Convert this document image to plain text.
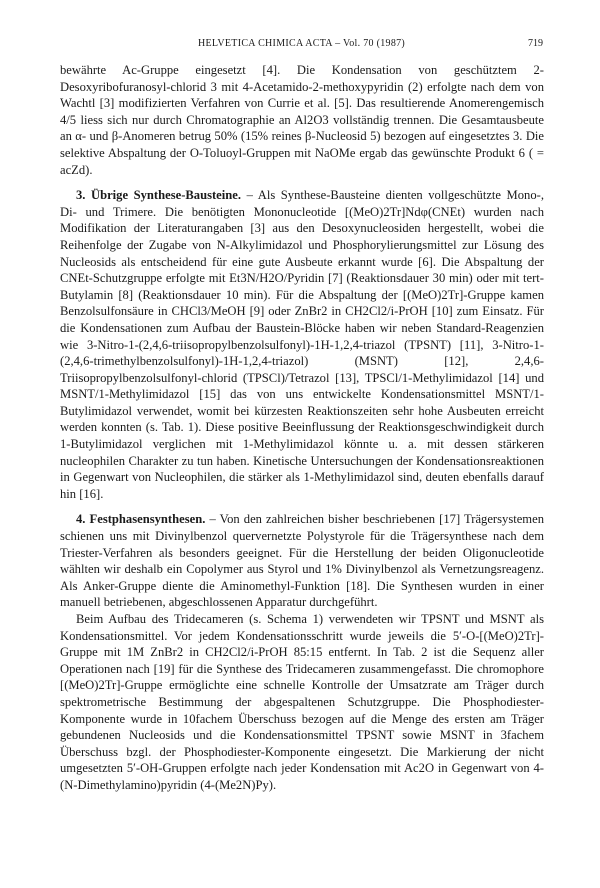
HELVETICA CHIMICA ACTA – Vol. 70 (1987)	719

bewährte Ac-Gruppe eingesetzt [4]. Die Kondensation von geschütztem 2-Desoxyribofuranosyl-chlorid 3 mit 4-Acetamido-2-methoxypyridin (2) erfolgte nach dem von Wachtl [3] modifizierten Verfahren von Currie et al. [5]. Das resultierende Anomerengemisch 4/5 liess sich nur durch Chromatographie an Al2O3 vollständig trennen. Die Gesamtausbeute an α- und β-Anomeren betrug 50% (15% reines β-Nucleosid 5) bezogen auf eingesetztes 3. Die selektive Abspaltung der O-Toluoyl-Gruppen mit NaOMe ergab das gewünschte Produkt 6 ( = acZd).

3. Übrige Synthese-Bausteine. – Als Synthese-Bausteine dienten vollgeschützte Mono-, Di- und Trimere. Die benötigten Mononucleotide [(MeO)2Tr]Ndφ(CNEt) wurden nach Modifikation der Literaturangaben [3] aus den Desoxynucleosiden hergestellt, wobei die Reihenfolge der Zugabe von N-Alkylimidazol und Phosphorylierungsmittel zur Lösung des Nucleosids als entscheidend für eine gute Ausbeute erkannt wurde [6]. Die Abspaltung der CNEt-Schutzgruppe erfolgte mit Et3N/H2O/Pyridin [7] (Reaktionsdauer 30 min) oder mit tert-Butylamin [8] (Reaktionsdauer 10 min). Für die Abspaltung der [(MeO)2Tr]-Gruppe kamen Benzolsulfonsäure in CHCl3/MeOH [9] oder ZnBr2 in CH2Cl2/i-PrOH [10] zum Einsatz. Für die Kondensationen zum Aufbau der Baustein-Blöcke haben wir neben Standard-Reagenzien wie 3-Nitro-1-(2,4,6-triisopropylbenzolsulfonyl)-1H-1,2,4-triazol (TPSNT) [11], 3-Nitro-1-(2,4,6-trimethylbenzolsulfonyl)-1H-1,2,4-triazol) (MSNT) [12], 2,4,6-Triisopropylbenzolsulfonyl-chlorid (TPSCl)/Tetrazol [13], TPSCl/1-Methylimidazol [14] und MSNT/1-Methylimidazol [15] das von uns entwickelte Kondensationsmittel MSNT/1-Butylimidazol verwendet, womit bei kürzesten Reaktionszeiten sehr hohe Ausbeuten erreicht werden konnten (s. Tab. 1). Diese positive Beeinflussung der Reaktionsgeschwindigkeit durch 1-Butylimidazol verglichen mit 1-Methylimidazol könnte u. a. mit dessen stärkeren nucleophilen Charakter zu tun haben. Kinetische Untersuchungen der Kondensationsreaktionen in Gegenwart von Nucleophilen, die stärker als 1-Methylimidazol sind, deuten ebenfalls darauf hin [16].

4. Festphasensynthesen. – Von den zahlreichen bisher beschriebenen [17] Trägersystemen schienen uns mit Divinylbenzol quervernetzte Polystyrole für die Trägersynthese nach dem Triester-Verfahren als besonders geeignet. Für die Herstellung der beiden Oligonucleotide wählten wir deshalb ein Copolymer aus Styrol und 1% Divinylbenzol als Vernetzungsreagenz. Als Anker-Gruppe diente die Aminomethyl-Funktion [18]. Die Synthesen wurden in einer manuell betriebenen, abgeschlossenen Apparatur durchgeführt.

Beim Aufbau des Tridecameren (s. Schema 1) verwendeten wir TPSNT und MSNT als Kondensationsmittel. Vor jedem Kondensationsschritt wurde jeweils die 5′-O-[(MeO)2Tr]-Gruppe mit 1M ZnBr2 in CH2Cl2/i-PrOH 85:15 entfernt. In Tab. 2 ist die Sequenz aller Operationen nach [19] für die Synthese des Tridecameren zusammengefasst. Die chromophore [(MeO)2Tr]-Gruppe ermöglichte eine schnelle Kontrolle der Umsatzrate am Träger durch spektrometrische Bestimmung der abgespaltenen Schutzgruppe. Die Phosphodiester-Komponente wurde in 10fachem Überschuss bezogen auf die Menge des ersten am Träger gebundenen Nucleosids und die Kondensationsmittel TPSNT sowie MSNT in 3fachem Überschuss bzgl. der Phosphodiester-Komponente eingesetzt. Die Markierung der nicht umgesetzten 5′-OH-Gruppen erfolgte nach jeder Kondensation mit Ac2O in Gegenwart von 4-(N-Dimethylamino)pyridin (4-(Me2N)Py).
